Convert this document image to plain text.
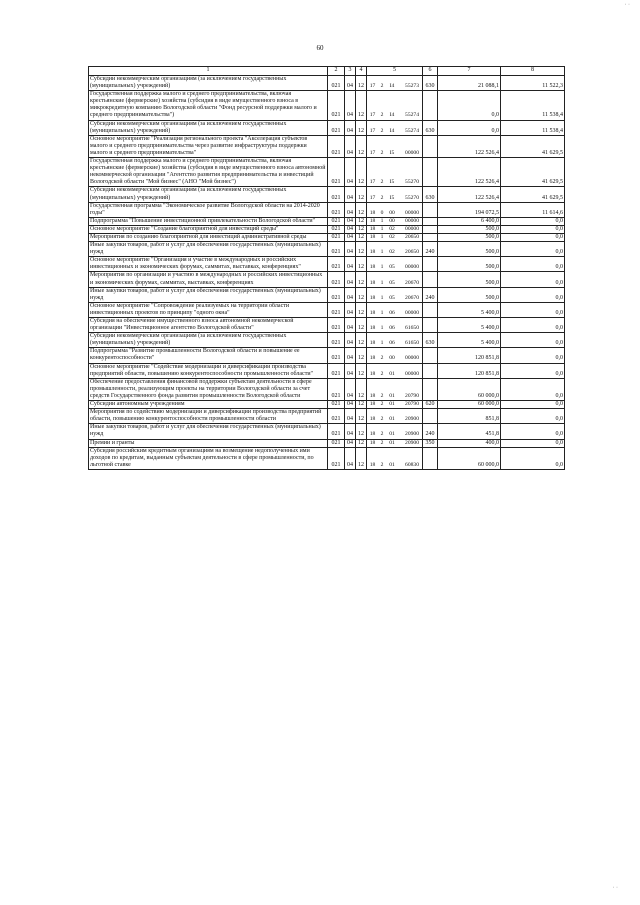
· ·
60
1	2	3	4	5	6	7	8
Субсидии некоммерческим организациям (за исключением государственных (муниципальных) учреждений)	021	04	12	17 2 I4 55273	630	21 088,1	11 522,3
Государственная поддержка малого и среднего предпринимательства, включая крестьянские (фермерские) хозяйства (субсидия в виде имущественного взноса в микрокредитную компанию Вологодской области "Фонд ресурсной поддержки малого и среднего предпринимательства")	021	04	12	17 2 I4 55274		0,0	11 538,4
Субсидии некоммерческим организациям (за исключением государственных (муниципальных) учреждений)	021	04	12	17 2 I4 55274	630	0,0	11 538,4
Основное мероприятие "Реализация регионального проекта "Акселерация субъектов малого и среднего предпринимательства через развитие инфраструктуры поддержки малого и среднего предпринимательства"	021	04	12	17 2 I5 00000		122 526,4	41 629,5
Государственная поддержка малого и среднего предпринимательства, включая крестьянские (фермерские) хозяйства (субсидия в виде имущественного взноса автономной некоммерческой организации "Агентство развития предпринимательства и инвестиций Вологодской области "Мой бизнес" (АНО "Мой бизнес")	021	04	12	17 2 I5 55270		122 526,4	41 629,5
Субсидии некоммерческим организациям (за исключением государственных (муниципальных) учреждений)	021	04	12	17 2 I5 55270	630	122 526,4	41 629,5
Государственная программа "Экономическое развитие Вологодской области на 2014-2020 годы"	021	04	12	18 0 00 00000		194 072,5	11 614,6
Подпрограмма "Повышение инвестиционной привлекательности Вологодской области"	021	04	12	18 1 00 00000		6 400,0	0,0
Основное мероприятие "Создание благоприятной для инвестиций среды"	021	04	12	18 1 02 00000		500,0	0,0
Мероприятия по созданию благоприятной для инвестиций административной среды	021	04	12	18 1 02 20650		500,0	0,0
Иные закупки товаров, работ и услуг для обеспечения государственных (муниципальных) нужд	021	04	12	18 1 02 20650	240	500,0	0,0
Основное мероприятие "Организация и участие в международных и российских инвестиционных и экономических форумах, саммитах, выставках, конференциях"	021	04	12	18 1 05 00000		500,0	0,0
Мероприятия по организации и участию в международных и российских инвестиционных и экономических форумах, саммитах, выставках, конференциях	021	04	12	18 1 05 20670		500,0	0,0
Иные закупки товаров, работ и услуг для обеспечения государственных (муниципальных) нужд	021	04	12	18 1 05 20670	240	500,0	0,0
Основное мероприятие "Сопровождение реализуемых на территории области инвестиционных проектов по принципу "одного окна"	021	04	12	18 1 06 00000		5 400,0	0,0
Субсидия на обеспечение имущественного взноса автономной некоммерческой организации "Инвестиционное агентство Вологодской области"	021	04	12	18 1 06 61650		5 400,0	0,0
Субсидии некоммерческим организациям (за исключением государственных (муниципальных) учреждений)	021	04	12	18 1 06 61650	630	5 400,0	0,0
Подпрограмма "Развитие промышленности Вологодской области и повышение ее конкурентоспособности"	021	04	12	18 2 00 00000		120 851,8	0,0
Основное мероприятие "Содействие модернизации и диверсификации производства предприятий области, повышению конкурентоспособности промышленности области"	021	04	12	18 2 01 00000		120 851,8	0,0
Обеспечение предоставления финансовой поддержки субъектам деятельности в сфере промышленности, реализующим проекты на территории Вологодской области за счет средств Государственного фонда развития промышленности Вологодской области	021	04	12	18 2 01 20790		60 000,0	0,0
Субсидии автономным учреждениям	021	04	12	18 2 01 20790	620	60 000,0	0,0
Мероприятия по содействию модернизации и диверсификации производства предприятий области, повышению конкурентоспособности промышленности области	021	04	12	18 2 01 20900		851,8	0,0
Иные закупки товаров, работ и услуг для обеспечения государственных (муниципальных) нужд	021	04	12	18 2 01 20900	240	451,8	0,0
Премии и гранты	021	04	12	18 2 01 20900	350	400,0	0,0
Субсидия российским кредитным организациям на возмещение недополученных ими доходов по кредитам, выданным субъектам деятельности в сфере промышленности, по льготной ставке	021	04	12	18 2 01 60830		60 000,0	0,0
· ·
